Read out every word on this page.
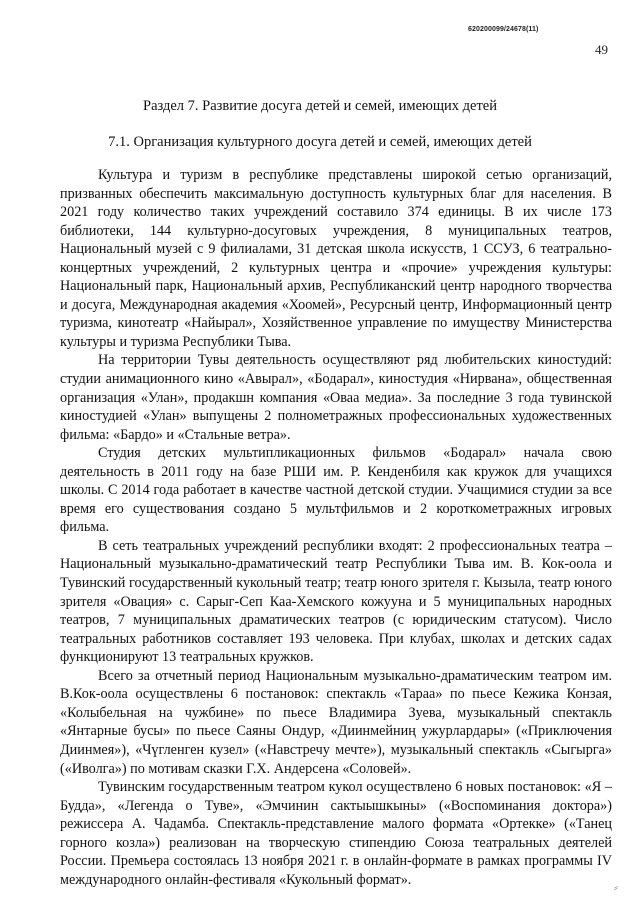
620200099/24678(11)
49
Раздел 7. Развитие досуга детей и семей, имеющих детей
7.1. Организация культурного досуга детей и семей, имеющих детей

Культура и туризм в республике представлены широкой сетью организаций, призванных обеспечить максимальную доступность культурных благ для населения. В 2021 году количество таких учреждений составило 374 единицы. В их числе 173 библиотеки, 144 культурно-досуговых учреждения, 8 муниципальных театров, Национальный музей с 9 филиалами, 31 детская школа искусств, 1 ССУЗ, 6 театрально-концертных учреждений, 2 культурных центра и «прочие» учреждения культуры: Национальный парк, Национальный архив, Республиканский центр народного творчества и досуга, Международная академия «Хоомей», Ресурсный центр, Информационный центр туризма, кинотеатр «Найырал», Хозяйственное управление по имуществу Министерства культуры и туризма Республики Тыва.

На территории Тувы деятельность осуществляют ряд любительских киностудий: студии анимационного кино «Авырал», «Бодарал», киностудия «Нирвана», общественная организация «Улан», продакшн компания «Оваа медиа». За последние 3 года тувинской киностудией «Улан» выпущены 2 полнометражных профессиональных художественных фильма: «Бардо» и «Стальные ветра».

Студия детских мультипликационных фильмов «Бодарал» начала свою деятельность в 2011 году на базе РШИ им. Р. Кенденбиля как кружок для учащихся школы. С 2014 года работает в качестве частной детской студии. Учащимися студии за все время его существования создано 5 мультфильмов и 2 короткометражных игровых фильма.

В сеть театральных учреждений республики входят: 2 профессиональных театра – Национальный музыкально-драматический театр Республики Тыва им. В. Кок-оола и Тувинский государственный кукольный театр; театр юного зрителя г. Кызыла, театр юного зрителя «Овация» с. Сарыг-Сеп Каа-Хемского кожууна и 5 муниципальных народных театров, 7 муниципальных драматических театров (с юридическим статусом). Число театральных работников составляет 193 человека. При клубах, школах и детских садах функционируют 13 театральных кружков.

Всего за отчетный период Национальным музыкально-драматическим театром им. В.Кок-оола осуществлены 6 постановок: спектакль «Тараа» по пьесе Кежика Конзая, «Колыбельная на чужбине» по пьесе Владимира Зуева, музыкальный спектакль «Янтарные бусы» по пьесе Саяны Ондур, «Диинмейниң ужурлардары» («Приключения Диинмея»), «Чүгленген кузел» («Навстречу мечте»), музыкальный спектакль «Сыгырга» («Иволга») по мотивам сказки Г.Х. Андерсена «Соловей».

Тувинским государственным театром кукол осуществлено 6 новых постановок: «Я – Будда», «Легенда о Туве», «Эмчинин сактыышкыны» («Воспоминания доктора») режиссера А. Чадамба. Спектакль-представление малого формата «Ортекке» («Танец горного козла») реализован на творческую стипендию Союза театральных деятелей России. Премьера состоялась 13 ноября 2021 г. в онлайн-формате в рамках программы IV международного онлайн-фестиваля «Кукольный формат».	⸗
